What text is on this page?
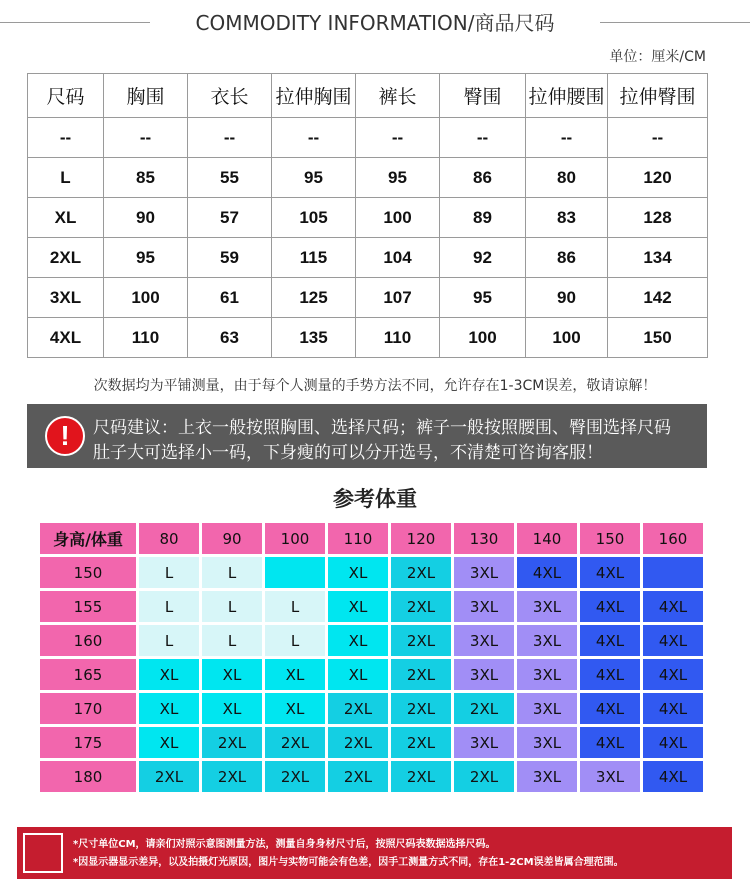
COMMODITY INFORMATION/商品尺码
单位：厘米/CM
尺码	胸围	衣长	拉伸胸围	裤长	臀围	拉伸腰围	拉伸臀围
--	--	--	--	--	--	--	--
L	85	55	95	95	86	80	120
XL	90	57	105	100	89	83	128
2XL	95	59	115	104	92	86	134
3XL	100	61	125	107	95	90	142
4XL	110	63	135	110	100	100	150
次数据均为平铺测量，由于每个人测量的手势方法不同，允许存在1-3CM误差，敬请谅解！
!	尺码建议：上衣一般按照胸围、选择尺码；裤子一般按照腰围、臀围选择尺码
肚子大可选择小一码，下身瘦的可以分开选号，不清楚可咨询客服！
参考体重
身高/体重	80	90	100	110	120	130	140	150	160
150	L	L		XL	2XL	3XL	4XL	4XL	
155	L	L	L	XL	2XL	3XL	3XL	4XL	4XL
160	L	L	L	XL	2XL	3XL	3XL	4XL	4XL
165	XL	XL	XL	XL	2XL	3XL	3XL	4XL	4XL
170	XL	XL	XL	2XL	2XL	2XL	3XL	4XL	4XL
175	XL	2XL	2XL	2XL	2XL	3XL	3XL	4XL	4XL
180	2XL	2XL	2XL	2XL	2XL	2XL	3XL	3XL	4XL
*尺寸单位CM，请亲们对照示意图测量方法，测量自身身材尺寸后，按照尺码表数据选择尺码。
*因显示器显示差异，以及拍摄灯光原因，图片与实物可能会有色差，因手工测量方式不同，存在1-2CM误差皆属合理范围。
